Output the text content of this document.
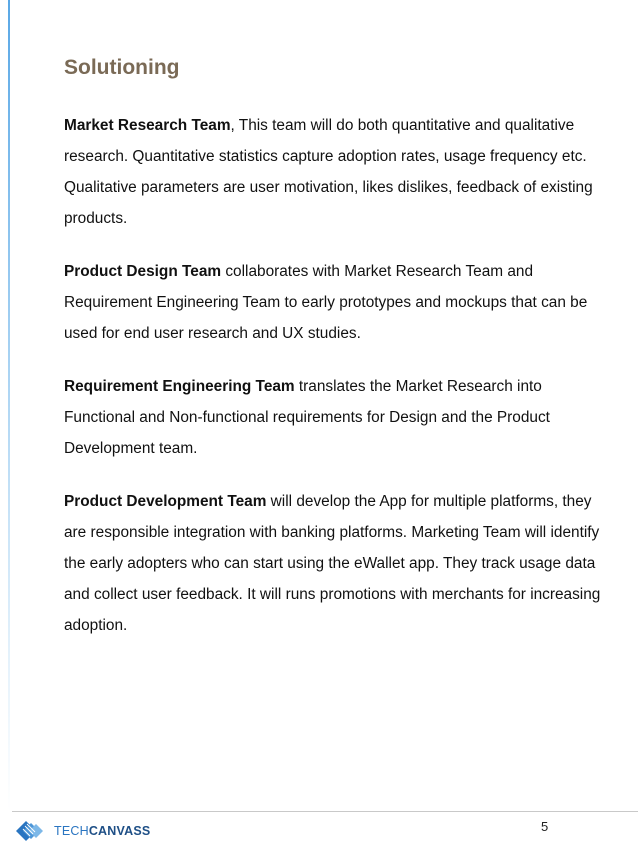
Solutioning

Market Research Team, This team will do both quantitative and qualitative research. Quantitative statistics capture adoption rates, usage frequency etc. Qualitative parameters are user motivation, likes dislikes, feedback of existing products.

Product Design Team collaborates with Market Research Team and Requirement Engineering Team to early prototypes and mockups that can be used for end user research and UX studies.

Requirement Engineering Team translates the Market Research into Functional and Non-functional requirements for Design and the Product Development team.

Product Development Team will develop the App for multiple platforms, they are responsible integration with banking platforms. Marketing Team will identify the early adopters who can start using the eWallet app. They track usage data and collect user feedback. It will runs promotions with merchants for increasing adoption.

TECHCANVASS	5
